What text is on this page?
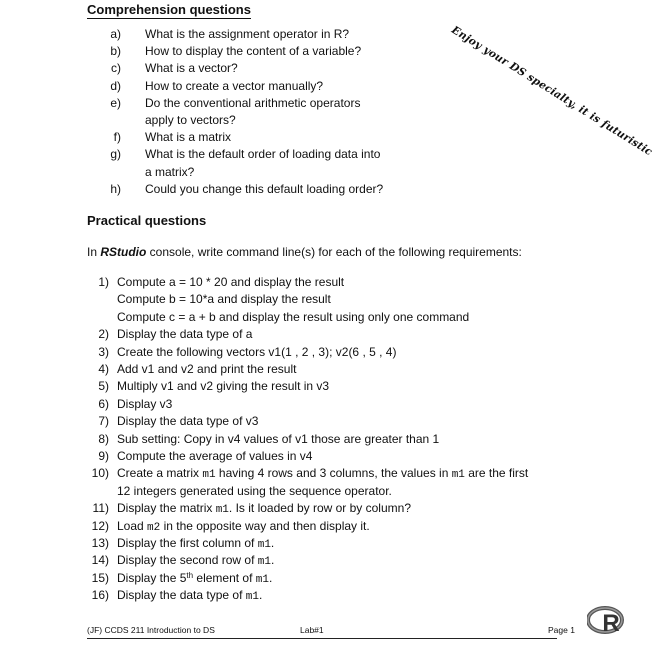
Comprehension questions
a) What is the assignment operator in R?
b) How to display the content of a variable?
c) What is a vector?
d) How to create a vector manually?
e) Do the conventional arithmetic operators
apply to vectors?
f) What is a matrix
g) What is the default order of loading data into
a matrix?
h) Could you change this default loading order?
Enjoy your DS specialty, it is futuristic
Practical questions
In RStudio console, write command line(s) for each of the following requirements:
1) Compute a = 10 * 20 and display the result
Compute b = 10*a and display the result
Compute c = a + b and display the result using only one command
2) Display the data type of a
3) Create the following vectors v1(1 , 2 , 3); v2(6 , 5 , 4)
4) Add v1 and v2 and print the result
5) Multiply v1 and v2 giving the result in v3
6) Display v3
7) Display the data type of v3
8) Sub setting: Copy in v4 values of v1 those are greater than 1
9) Compute the average of values in v4
10) Create a matrix m1 having 4 rows and 3 columns, the values in m1 are the first
12 integers generated using the sequence operator.
11) Display the matrix m1. Is it loaded by row or by column?
12) Load m2 in the opposite way and then display it.
13) Display the first column of m1.
14) Display the second row of m1.
15) Display the 5th element of m1.
16) Display the data type of m1.
(JF) CCDS 211 Introduction to DS	Lab#1	Page 1 R
